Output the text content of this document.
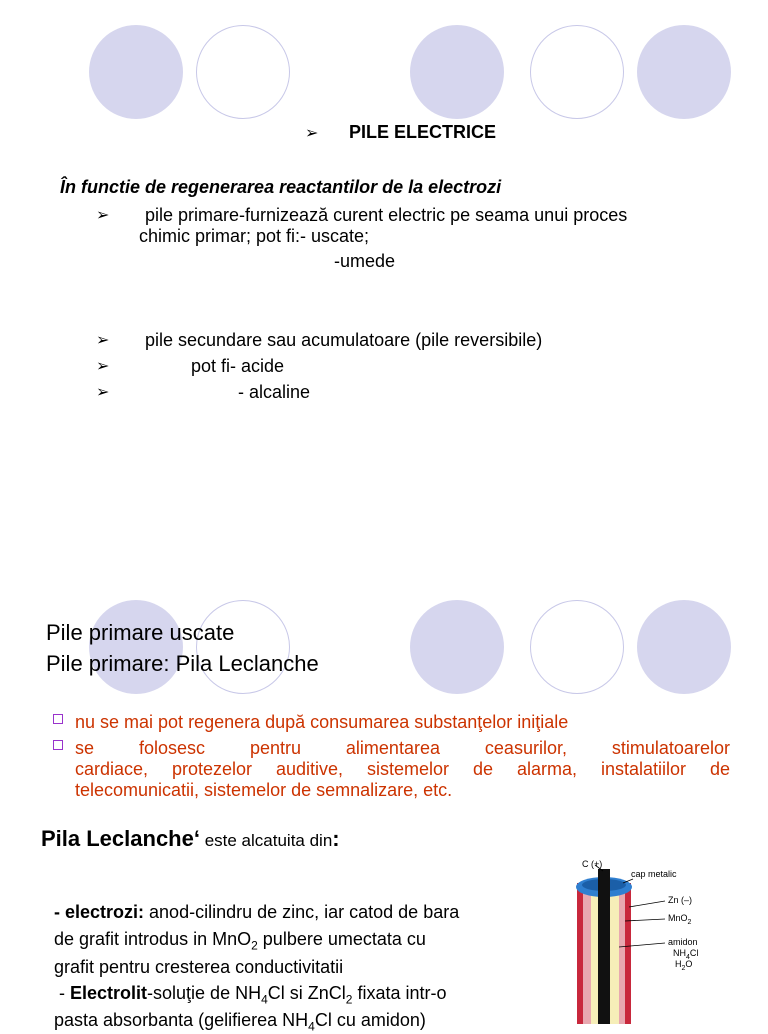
➢ PILE ELECTRICE
În functie de regenerarea reactantilor de la electrozi
➢ pile primare-furnizează curent electric pe seama unui proces
chimic primar; pot fi:- uscate;
-umede
➢ pile secundare sau acumulatoare (pile reversibile)
➢	pot fi- acide
➢	- alcaline
Pile primare uscate
Pile primare: Pila Leclanche
nu se mai pot regenera după consumarea substanţelor iniţiale
se folosesc pentru alimentarea ceasurilor, stimulatoarelor
cardiace, protezelor auditive, sistemelor de alarma, instalatiilor de
telecomunicatii, sistemelor de semnalizare, etc.
Pila Leclanche‘ este alcatuita din:
- electrozi: anod-cilindru de zinc, iar catod de bara
de grafit introdus in MnO$_2$ pulbere umectata cu
grafit pentru cresterea conductivitatii
- Electrolit-soluţie de $NH_4Cl$ si ZnCl$_2$ fixata intr-o
pasta absorbanta (gelifierea $NH_4Cl$ cu amidon)
C (+)
cap metalic
Zn (–)
MnO$_2$
amidon
$NH_4Cl$
$H_2O$
